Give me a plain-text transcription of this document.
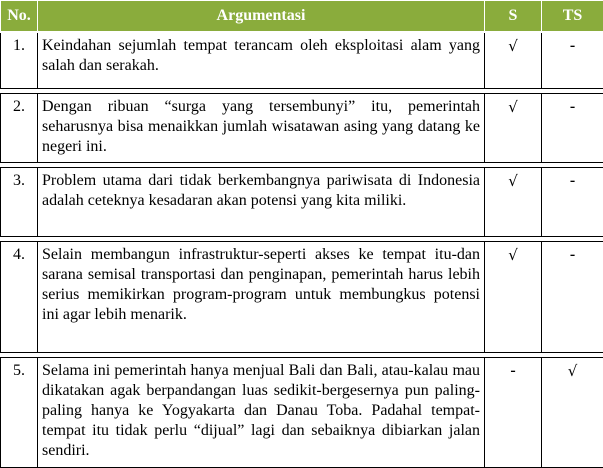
No.	Argumentasi	S	TS
1.	Keindahan sejumlah tempat terancam oleh eksploitasi alam yang salah dan serakah.	√	-

2.	Dengan ribuan “surga yang tersembunyi” itu, pemerintah seharusnya bisa menaikkan jumlah wisatawan asing yang datang ke negeri ini.	√	-

3.	Problem utama dari tidak berkembangnya pariwisata di Indonesia adalah ceteknya kesadaran akan potensi yang kita miliki.	√	-

4.	Selain membangun infrastruktur-seperti akses ke tempat itu-dan sarana semisal transportasi dan penginapan, pemerintah harus lebih serius memikirkan program-program untuk membungkus potensi ini agar lebih menarik.	√	-

5.	Selama ini pemerintah hanya menjual Bali dan Bali, atau-kalau mau dikatakan agak berpandangan luas sedikit-bergesernya pun paling-paling hanya ke Yogyakarta dan Danau Toba. Padahal tempat-tempat itu tidak perlu “dijual” lagi dan sebaiknya dibiarkan jalan sendiri.	-	√
